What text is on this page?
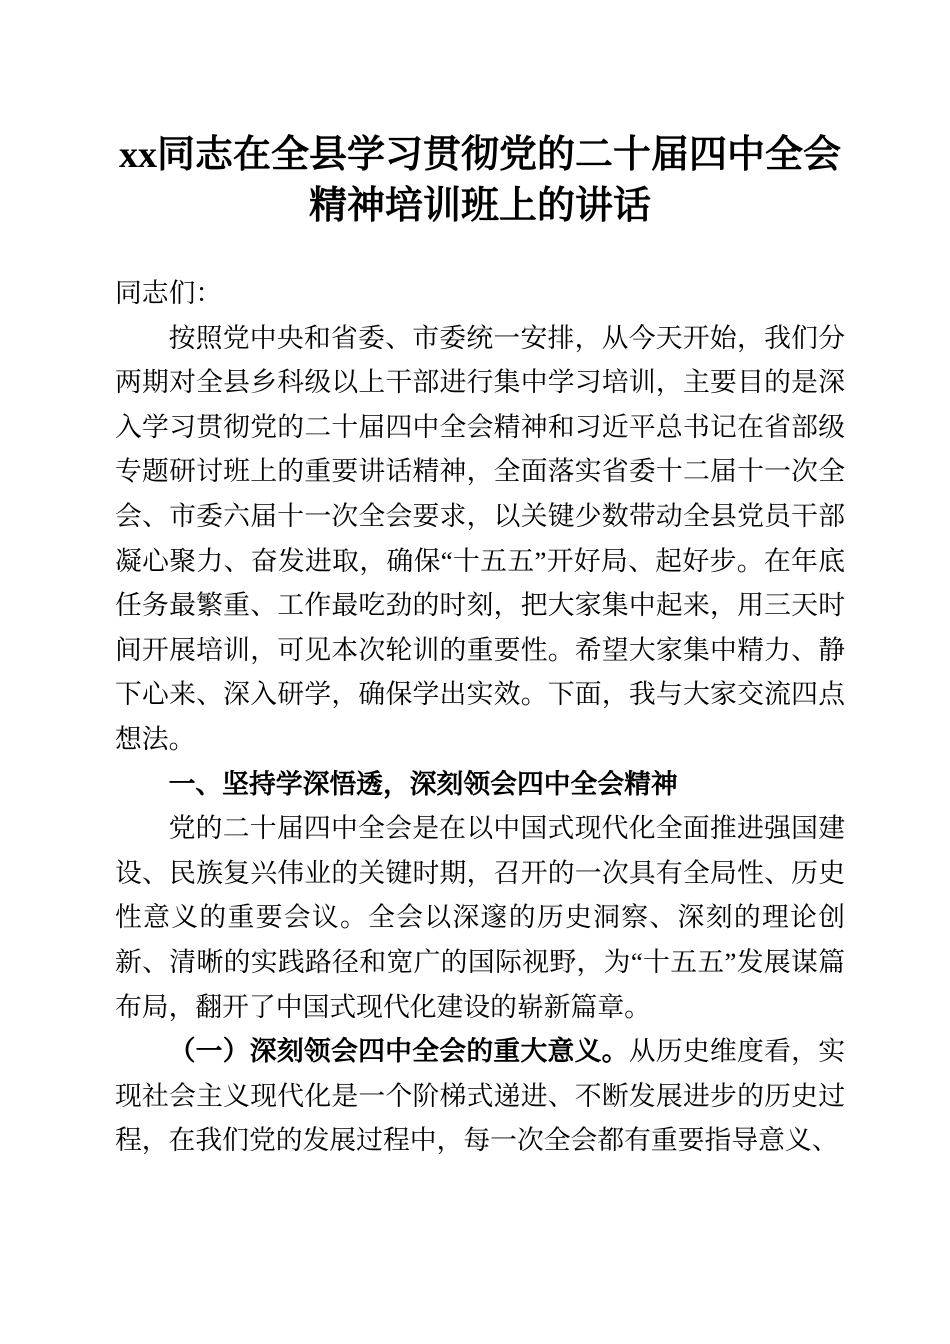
xx同志在全县学习贯彻党的二十届四中全会
精神培训班上的讲话

同志们：

按照党中央和省委、市委统一安排，从今天开始，我们分两期对全县乡科级以上干部进行集中学习培训，主要目的是深入学习贯彻党的二十届四中全会精神和习近平总书记在省部级专题研讨班上的重要讲话精神，全面落实省委十二届十一次全会、市委六届十一次全会要求，以关键少数带动全县党员干部凝心聚力、奋发进取，确保“十五五”开好局、起好步。在年底任务最繁重、工作最吃劲的时刻，把大家集中起来，用三天时间开展培训，可见本次轮训的重要性。希望大家集中精力、静下心来、深入研学，确保学出实效。下面，我与大家交流四点想法。

一、坚持学深悟透，深刻领会四中全会精神

党的二十届四中全会是在以中国式现代化全面推进强国建设、民族复兴伟业的关键时期，召开的一次具有全局性、历史性意义的重要会议。全会以深邃的历史洞察、深刻的理论创新、清晰的实践路径和宽广的国际视野，为“十五五”发展谋篇布局，翻开了中国式现代化建设的崭新篇章。

（一）深刻领会四中全会的重大意义。从历史维度看，实现社会主义现代化是一个阶梯式递进、不断发展进步的历史过程，在我们党的发展过程中，每一次全会都有重要指导意义、
